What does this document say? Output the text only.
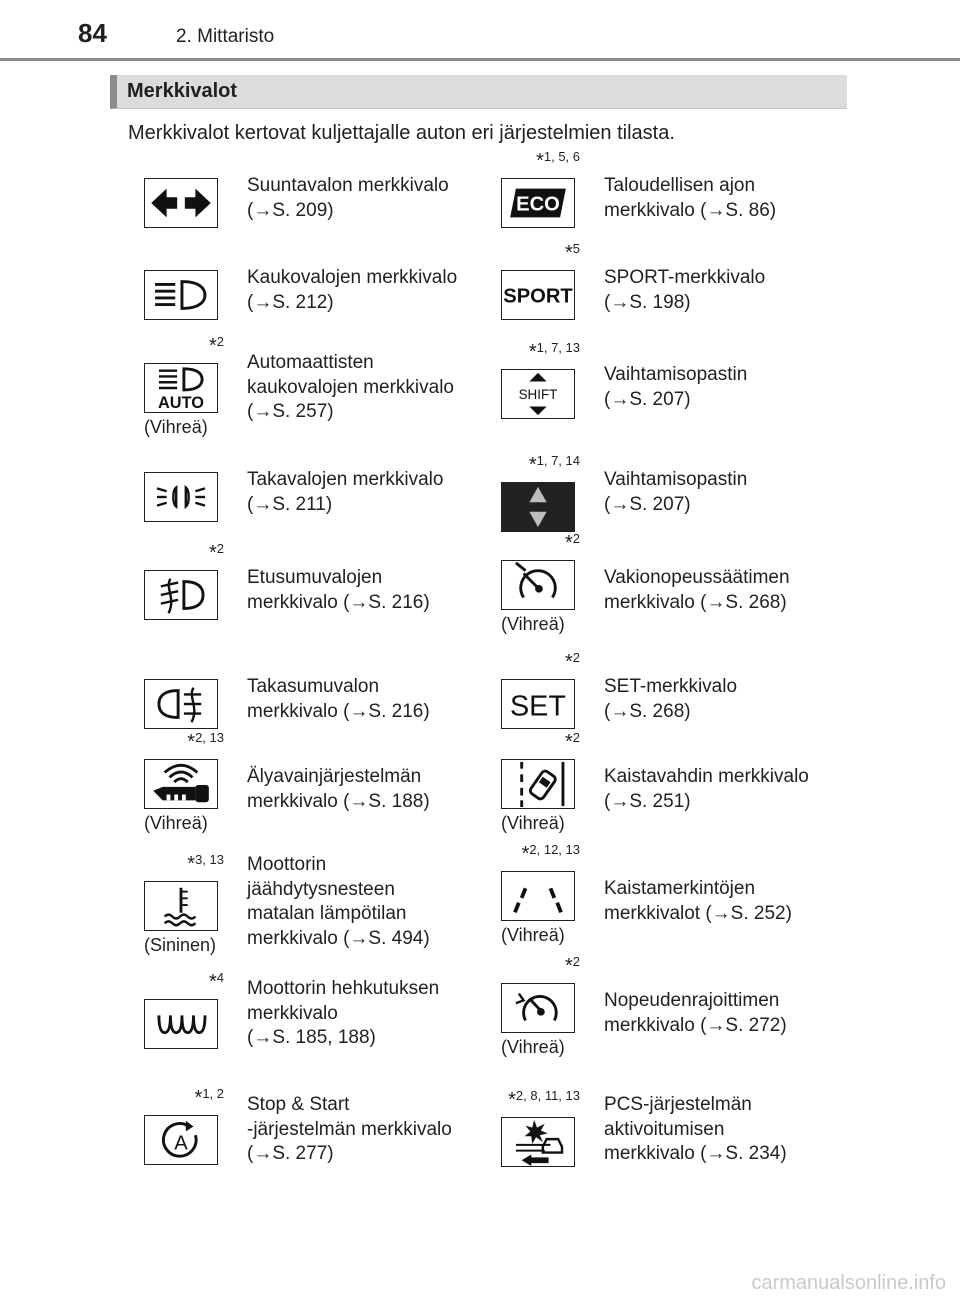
84	2. Mittaristo
Merkkivalot
Merkkivalot kertovat kuljettajalle auton eri järjestelmien tilasta.
Suuntavalon merkkivalo
(→S. 209)
*$^{1, 5, 6}$
ECO
Taloudellisen ajon
merkkivalo (→S. 86)
Kaukovalojen merkkivalo
(→S. 212)
*$^5$
SPORT
SPORT-merkkivalo
(→S. 198)
*$^2$
AUTO
(Vihreä)
Automaattisten
kaukovalojen merkkivalo
(→S. 257)
*$^{1, 7, 13}$
SHIFT
Vaihtamisopastin
(→S. 207)
Takavalojen merkkivalo
(→S. 211)
*$^{1, 7, 14}$
Vaihtamisopastin
(→S. 207)
*$^2$
Etusumuvalojen
merkkivalo (→S. 216)
*$^2$
(Vihreä)
Vakionopeussäätimen
merkkivalo (→S. 268)
Takasumuvalon
merkkivalo (→S. 216)
*$^2$
SET
SET-merkkivalo
(→S. 268)
*$^{2, 13}$
(Vihreä)
Älyavainjärjestelmän
merkkivalo (→S. 188)
*$^2$
(Vihreä)
Kaistavahdin merkkivalo
(→S. 251)
*$^{3, 13}$
(Sininen)
Moottorin
jäähdytysnesteen
matalan lämpötilan
merkkivalo (→S. 494)
*$^{2, 12, 13}$
(Vihreä)
Kaistamerkintöjen
merkkivalot (→S. 252)
*$^4$
Moottorin hehkutuksen
merkkivalo
(→S. 185, 188)
*$^2$
(Vihreä)
Nopeudenrajoittimen
merkkivalo (→S. 272)
*$^{1, 2}$
A
Stop & Start
-järjestelmän merkkivalo
(→S. 277)
*$^{2, 8, 11, 13}$ PCS-järjestelmän
aktivoitumisen
merkkivalo (→S. 234)
carmanualsonline.info
